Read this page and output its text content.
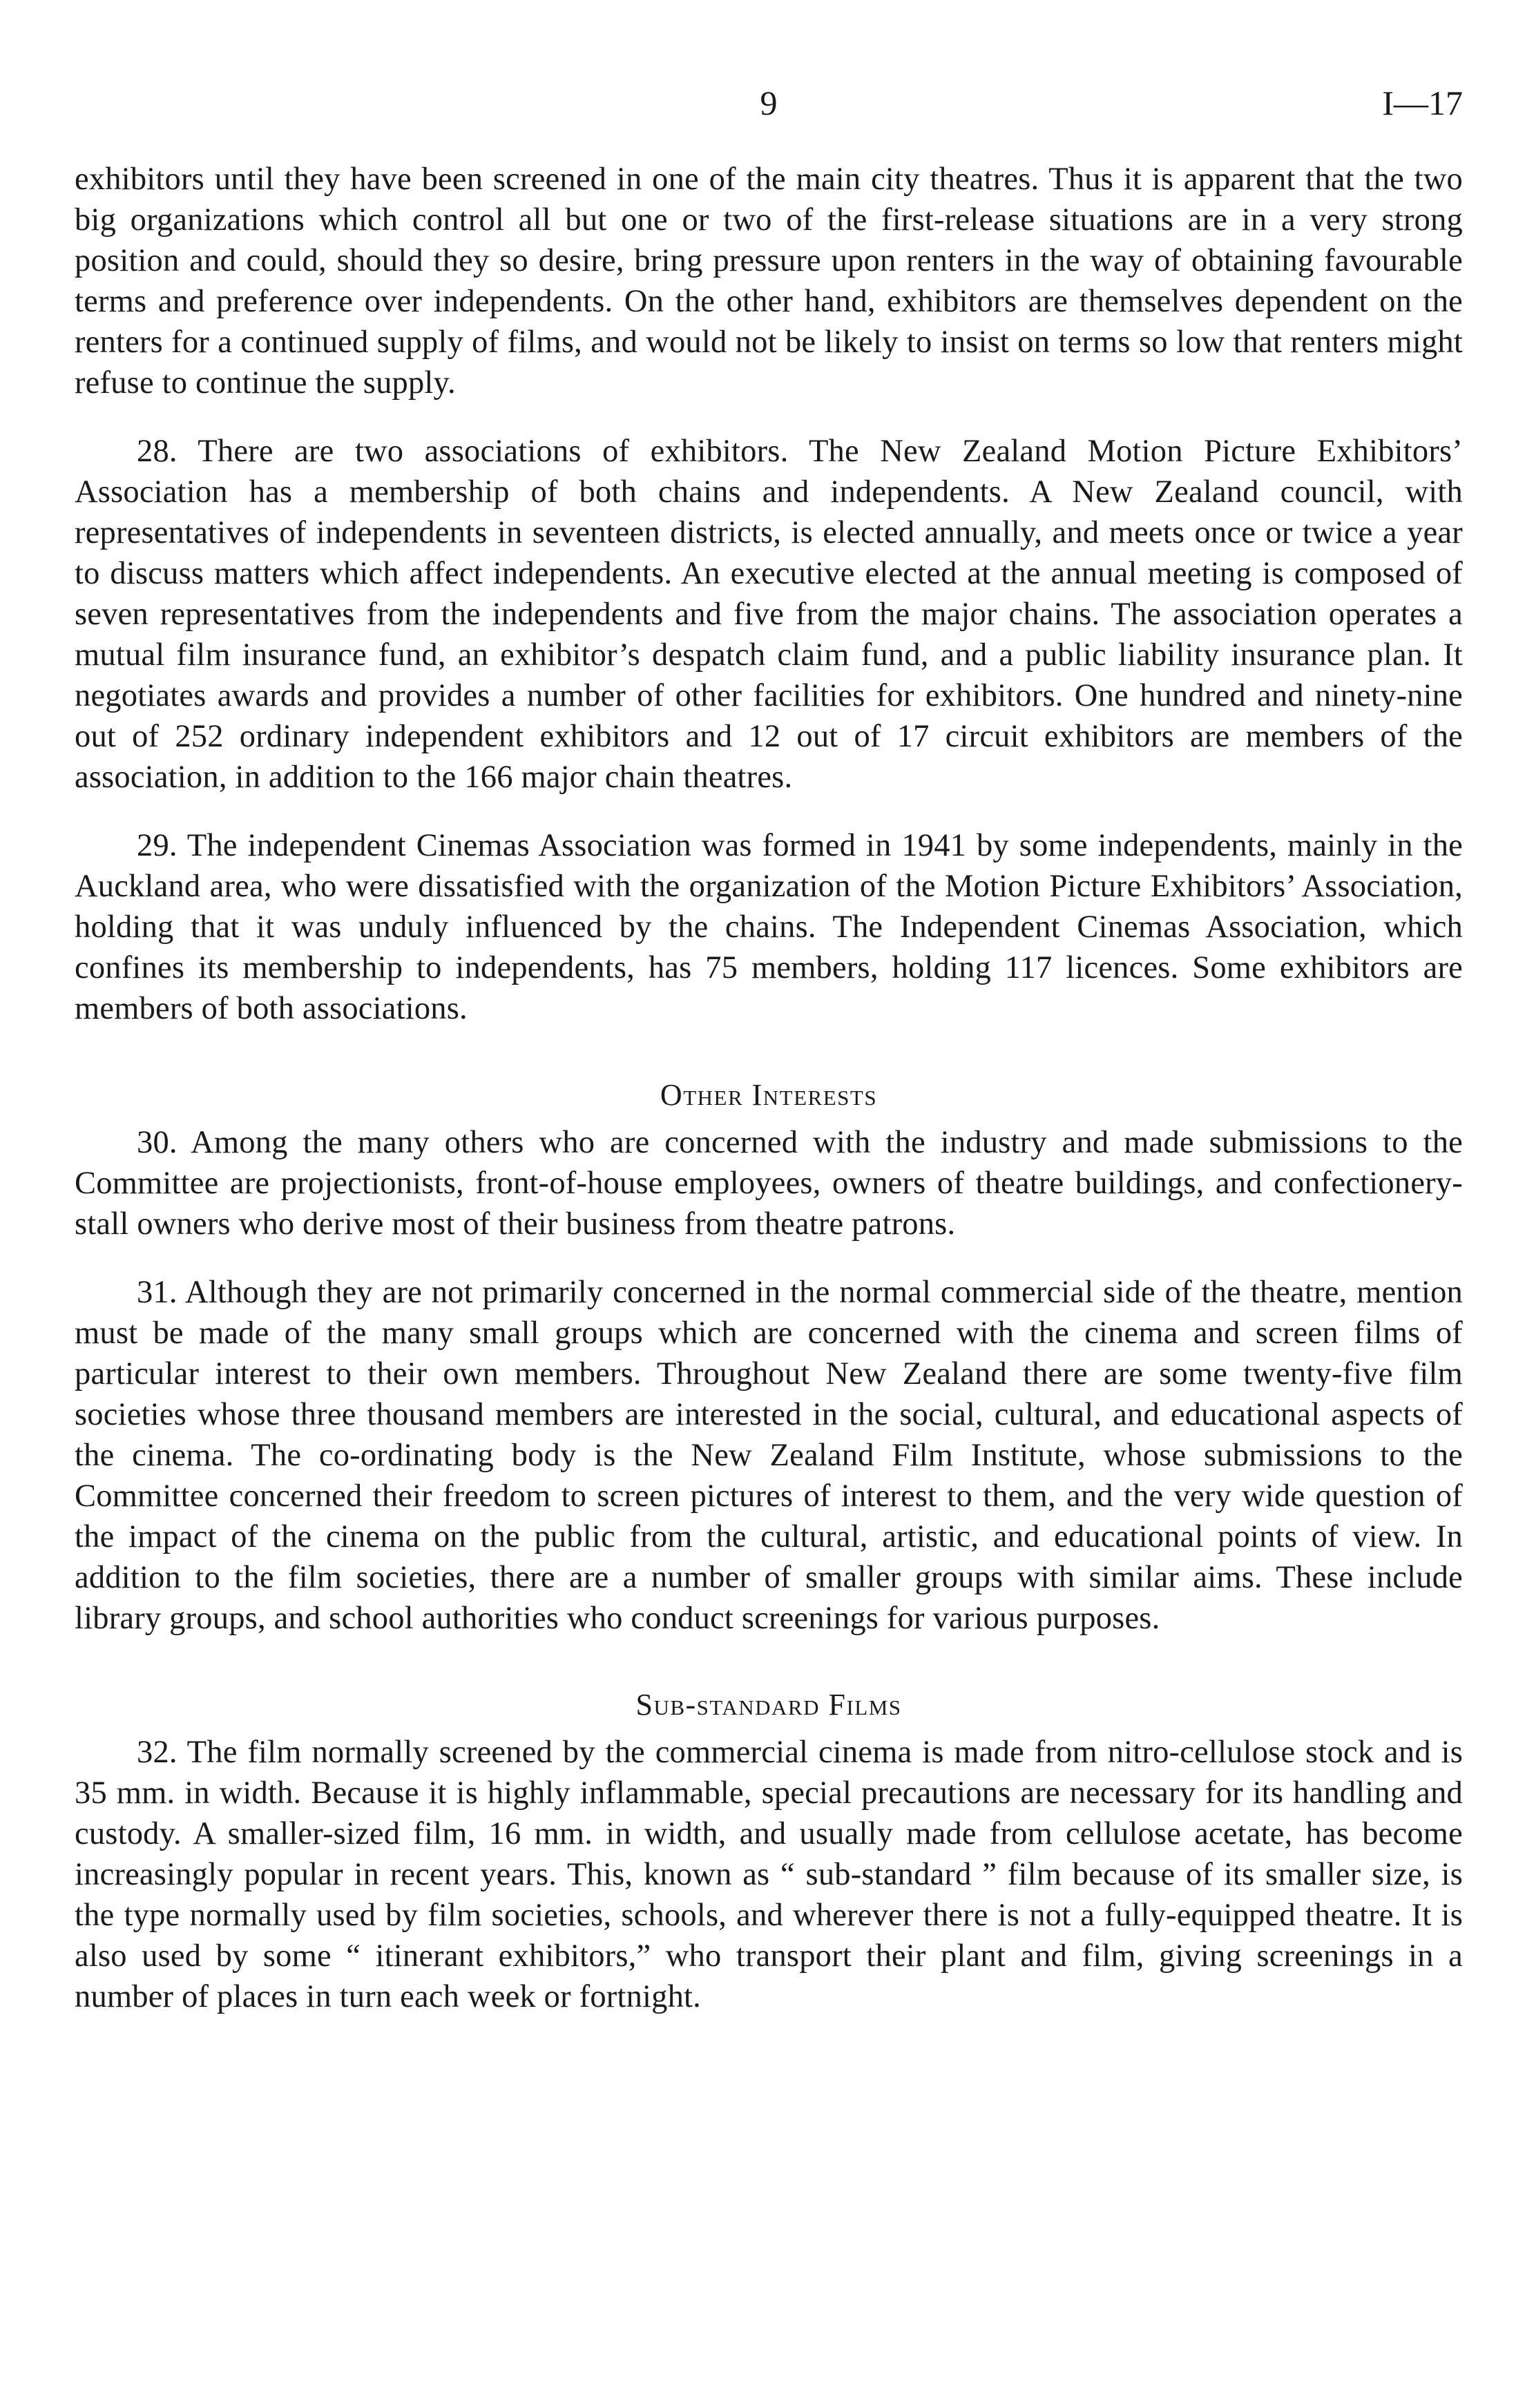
9	I—17

exhibitors until they have been screened in one of the main city theatres. Thus it is apparent that the two big organizations which control all but one or two of the first-release situations are in a very strong position and could, should they so desire, bring pressure upon renters in the way of obtaining favourable terms and preference over independents. On the other hand, exhibitors are themselves dependent on the renters for a continued supply of films, and would not be likely to insist on terms so low that renters might refuse to continue the supply.

28. There are two associations of exhibitors. The New Zealand Motion Picture Exhibitors’ Association has a membership of both chains and independents. A New Zealand council, with representatives of independents in seventeen districts, is elected annually, and meets once or twice a year to discuss matters which affect independents. An executive elected at the annual meeting is composed of seven representatives from the independents and five from the major chains. The association operates a mutual film insurance fund, an exhibitor’s despatch claim fund, and a public liability insurance plan. It negotiates awards and provides a number of other facilities for exhibitors. One hundred and ninety-nine out of 252 ordinary independent exhibitors and 12 out of 17 circuit exhibitors are members of the association, in addition to the 166 major chain theatres.

29. The independent Cinemas Association was formed in 1941 by some independents, mainly in the Auckland area, who were dissatisfied with the organization of the Motion Picture Exhibitors’ Association, holding that it was unduly influenced by the chains. The Independent Cinemas Association, which confines its membership to independents, has 75 members, holding 117 licences. Some exhibitors are members of both associations.

Other Interests

30. Among the many others who are concerned with the industry and made submissions to the Committee are projectionists, front-of-house employees, owners of theatre buildings, and confectionery-stall owners who derive most of their business from theatre patrons.

31. Although they are not primarily concerned in the normal commercial side of the theatre, mention must be made of the many small groups which are concerned with the cinema and screen films of particular interest to their own members. Throughout New Zealand there are some twenty-five film societies whose three thousand members are interested in the social, cultural, and educational aspects of the cinema. The co-ordinating body is the New Zealand Film Institute, whose submissions to the Committee concerned their freedom to screen pictures of interest to them, and the very wide question of the impact of the cinema on the public from the cultural, artistic, and educational points of view. In addition to the film societies, there are a number of smaller groups with similar aims. These include library groups, and school authorities who conduct screenings for various purposes.

Sub-standard Films

32. The film normally screened by the commercial cinema is made from nitro-cellulose stock and is 35 mm. in width. Because it is highly inflammable, special precautions are necessary for its handling and custody. A smaller-sized film, 16 mm. in width, and usually made from cellulose acetate, has become increasingly popular in recent years. This, known as “ sub-standard ” film because of its smaller size, is the type normally used by film societies, schools, and wherever there is not a fully-equipped theatre. It is also used by some “ itinerant exhibitors,” who transport their plant and film, giving screenings in a number of places in turn each week or fortnight.
